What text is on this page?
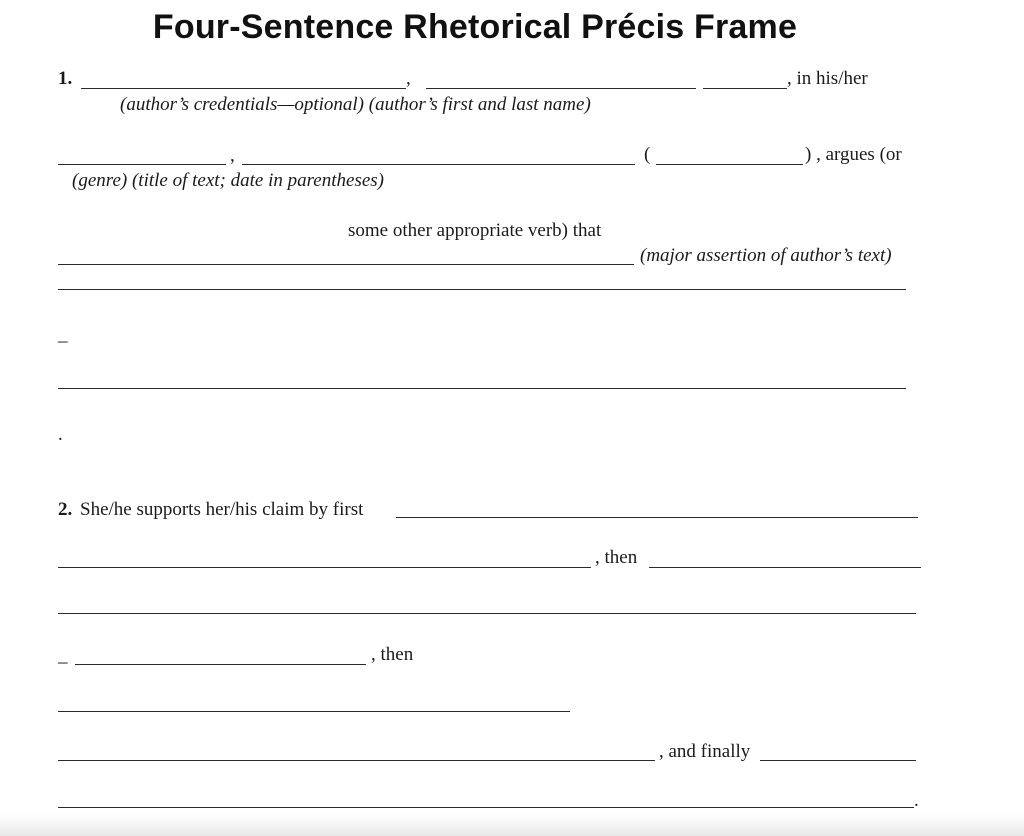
Four-Sentence Rhetorical Précis Frame
1.	,	, in his/her
(author’s credentials—optional) (author’s first and last name)
,	(	) , argues (or
(genre) (title of text; date in parentheses)
some other appropriate verb) that
(major assertion of author’s text)
_
.
2. She/he supports her/his claim by first
, then
_	, then
, and finally
.
